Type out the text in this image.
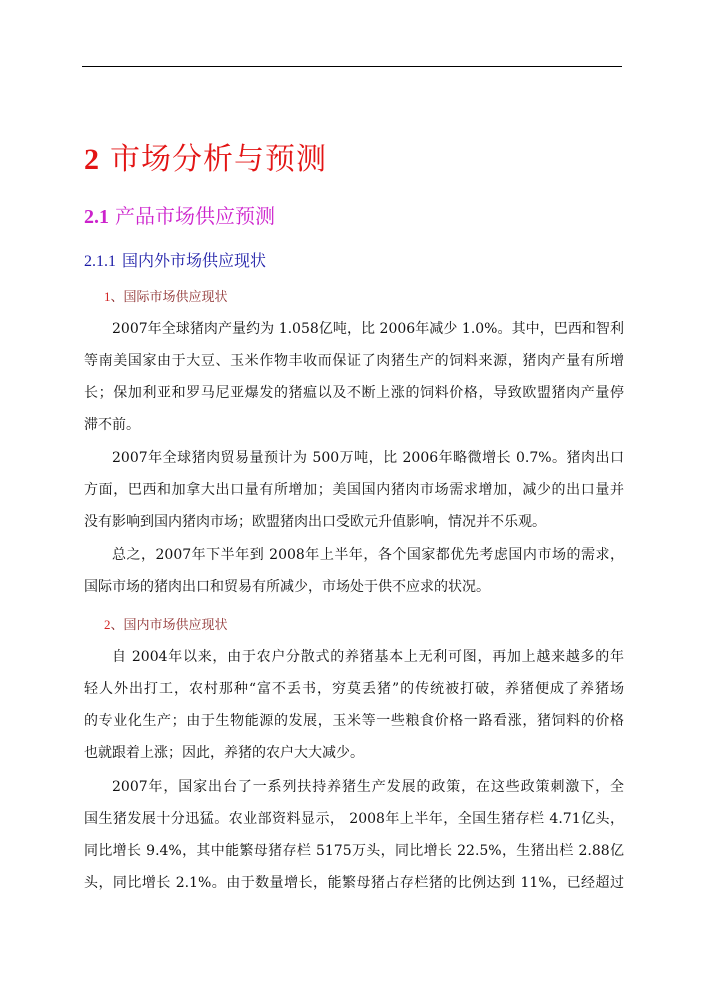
2 市场分析与预测
2.1 产品市场供应预测
2.1.1 国内外市场供应现状
1、国际市场供应现状
2007年全球猪肉产量约为 1.058亿吨，比 2006年减少 1.0%。其中，巴西和智利
等南美国家由于大豆、玉米作物丰收而保证了肉猪生产的饲料来源，猪肉产量有所增
长；保加利亚和罗马尼亚爆发的猪瘟以及不断上涨的饲料价格，导致欧盟猪肉产量停
滞不前。
2007年全球猪肉贸易量预计为 500万吨，比 2006年略微增长 0.7%。猪肉出口
方面，巴西和加拿大出口量有所增加；美国国内猪肉市场需求增加，减少的出口量并
没有影响到国内猪肉市场；欧盟猪肉出口受欧元升值影响，情况并不乐观。
总之，2007年下半年到 2008年上半年，各个国家都优先考虑国内市场的需求，
国际市场的猪肉出口和贸易有所减少，市场处于供不应求的状况。
2、国内市场供应现状
自 2004年以来，由于农户分散式的养猪基本上无利可图，再加上越来越多的年
轻人外出打工，农村那种“富不丢书，穷莫丢猪”的传统被打破，养猪便成了养猪场
的专业化生产；由于生物能源的发展，玉米等一些粮食价格一路看涨，猪饲料的价格
也就跟着上涨；因此，养猪的农户大大减少。
2007年，国家出台了一系列扶持养猪生产发展的政策，在这些政策刺激下，全
国生猪发展十分迅猛。农业部资料显示， 2008年上半年，全国生猪存栏 4.71亿头，
同比增长 9.4%，其中能繁母猪存栏 5175万头，同比增长 22.5%，生猪出栏 2.88亿
头，同比增长 2.1%。由于数量增长，能繁母猪占存栏猪的比例达到 11%，已经超过
